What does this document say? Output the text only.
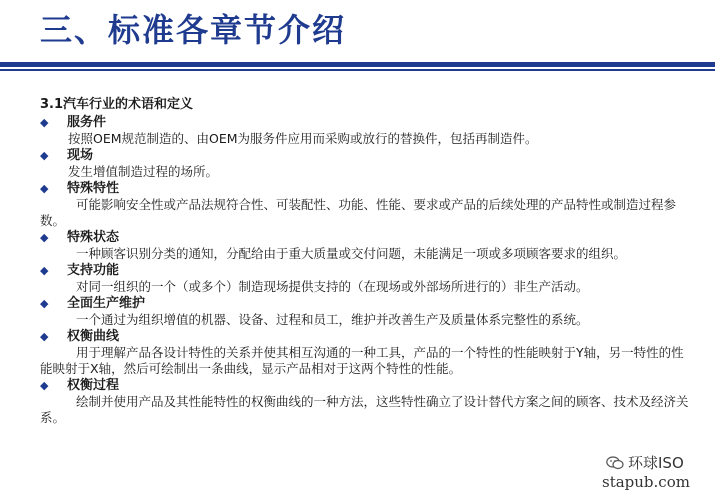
三、标准各章节介绍
3.1汽车行业的术语和定义
◆	服务件
按照OEM规范制造的、由OEM为服务件应用而采购或放行的替换件，包括再制造件。
◆	现场
发生增值制造过程的场所。
◆	特殊特性
可能影响安全性或产品法规符合性、可装配性、功能、性能、要求或产品的后续处理的产品特性或制造过程参数。
◆	特殊状态
一种顾客识别分类的通知，分配给由于重大质量或交付问题，未能满足一项或多项顾客要求的组织。
◆	支持功能
对同一组织的一个（或多个）制造现场提供支持的（在现场或外部场所进行的）非生产活动。
◆	全面生产维护
一个通过为组织增值的机器、设备、过程和员工，维护并改善生产及质量体系完整性的系统。
◆	权衡曲线
用于理解产品各设计特性的关系并使其相互沟通的一种工具，产品的一个特性的性能映射于Y轴，另一特性的性能映射于X轴，然后可绘制出一条曲线，显示产品相对于这两个特性的性能。
◆	权衡过程
绘制并使用产品及其性能特性的权衡曲线的一种方法，这些特性确立了设计替代方案之间的顾客、技术及经济关系。
环球ISO
stapub.com
